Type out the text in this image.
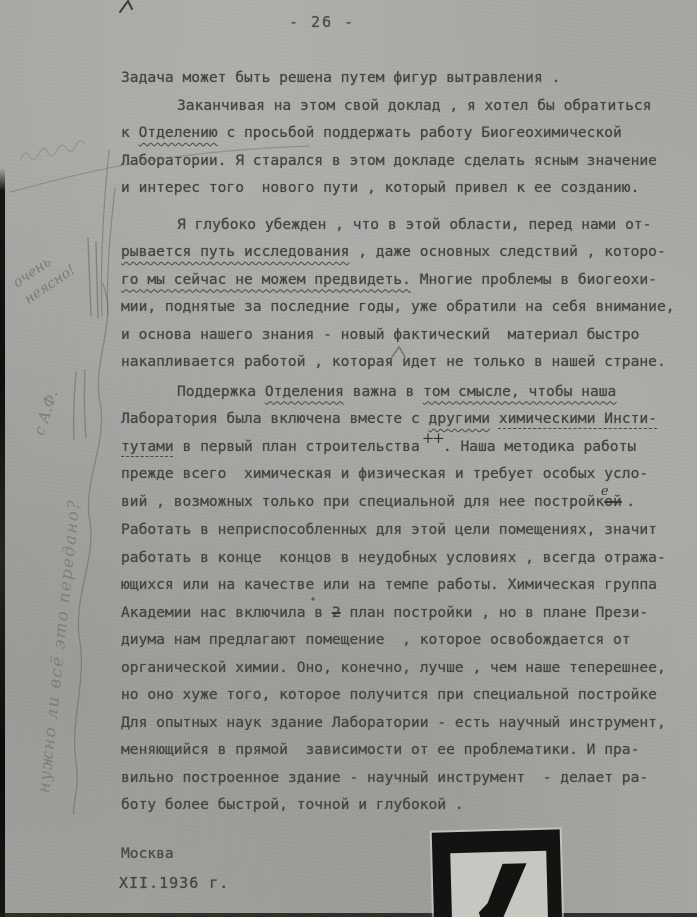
- 26 -
Задача может быть решена путем фигур вытравления .
Заканчивая на этом свой доклад , я хотел бы обратиться
к Отделению с просьбой поддержать работу Биогеохимической
Лаборатории. Я старался в этом докладе сделать ясным значение
и интерес того  нового пути , который привел к ее созданию.
Я глубоко убежден , что в этой области, перед нами от-
рывается путь исследования , даже основных следствий , которо-
го мы сейчас не можем предвидеть. Многие проблемы в биогеохи-
мии, поднятые за последние годы, уже обратили на себя внимание,
и основа нашего знания - новый фактический  материал быстро
накапливается работой , которая идет не только в нашей стране.
Поддержка Отделения важна в том смысле, чтобы наша
Лаборатория была включена вместе с другими химическими Инсти-
тутами в первый план строительства ++. Наша методика работы
прежде всего  химическая и физическая и требует особых усло-
вий , возможных только при специальной для нее постройкойе .
Работать в неприспособленных для этой цели помещениях, значит
работать в конце  концов в неудобных условиях , всегда отража-
ющихся или на качестве или на темпе работы. Химическая группа
Академии нас включила в 2 план постройки , но в плане Прези-
диума нам предлагают помещение  , которое освобождается от
органической химии. Оно, конечно, лучше , чем наше теперешнее,
но оно хуже того, которое получится при специальной постройке
Для опытных наук здание Лаборатории - есть научный инструмент,
меняющийся в прямой  зависимости от ее проблематики. И пра-
вильно построенное здание - научный инструмент  - делает ра-
боту более быстрой, точной и глубокой .
Москва
XII.1936 г.
очень неясно!
с А.Ф.
нужно ли всё это передано?
